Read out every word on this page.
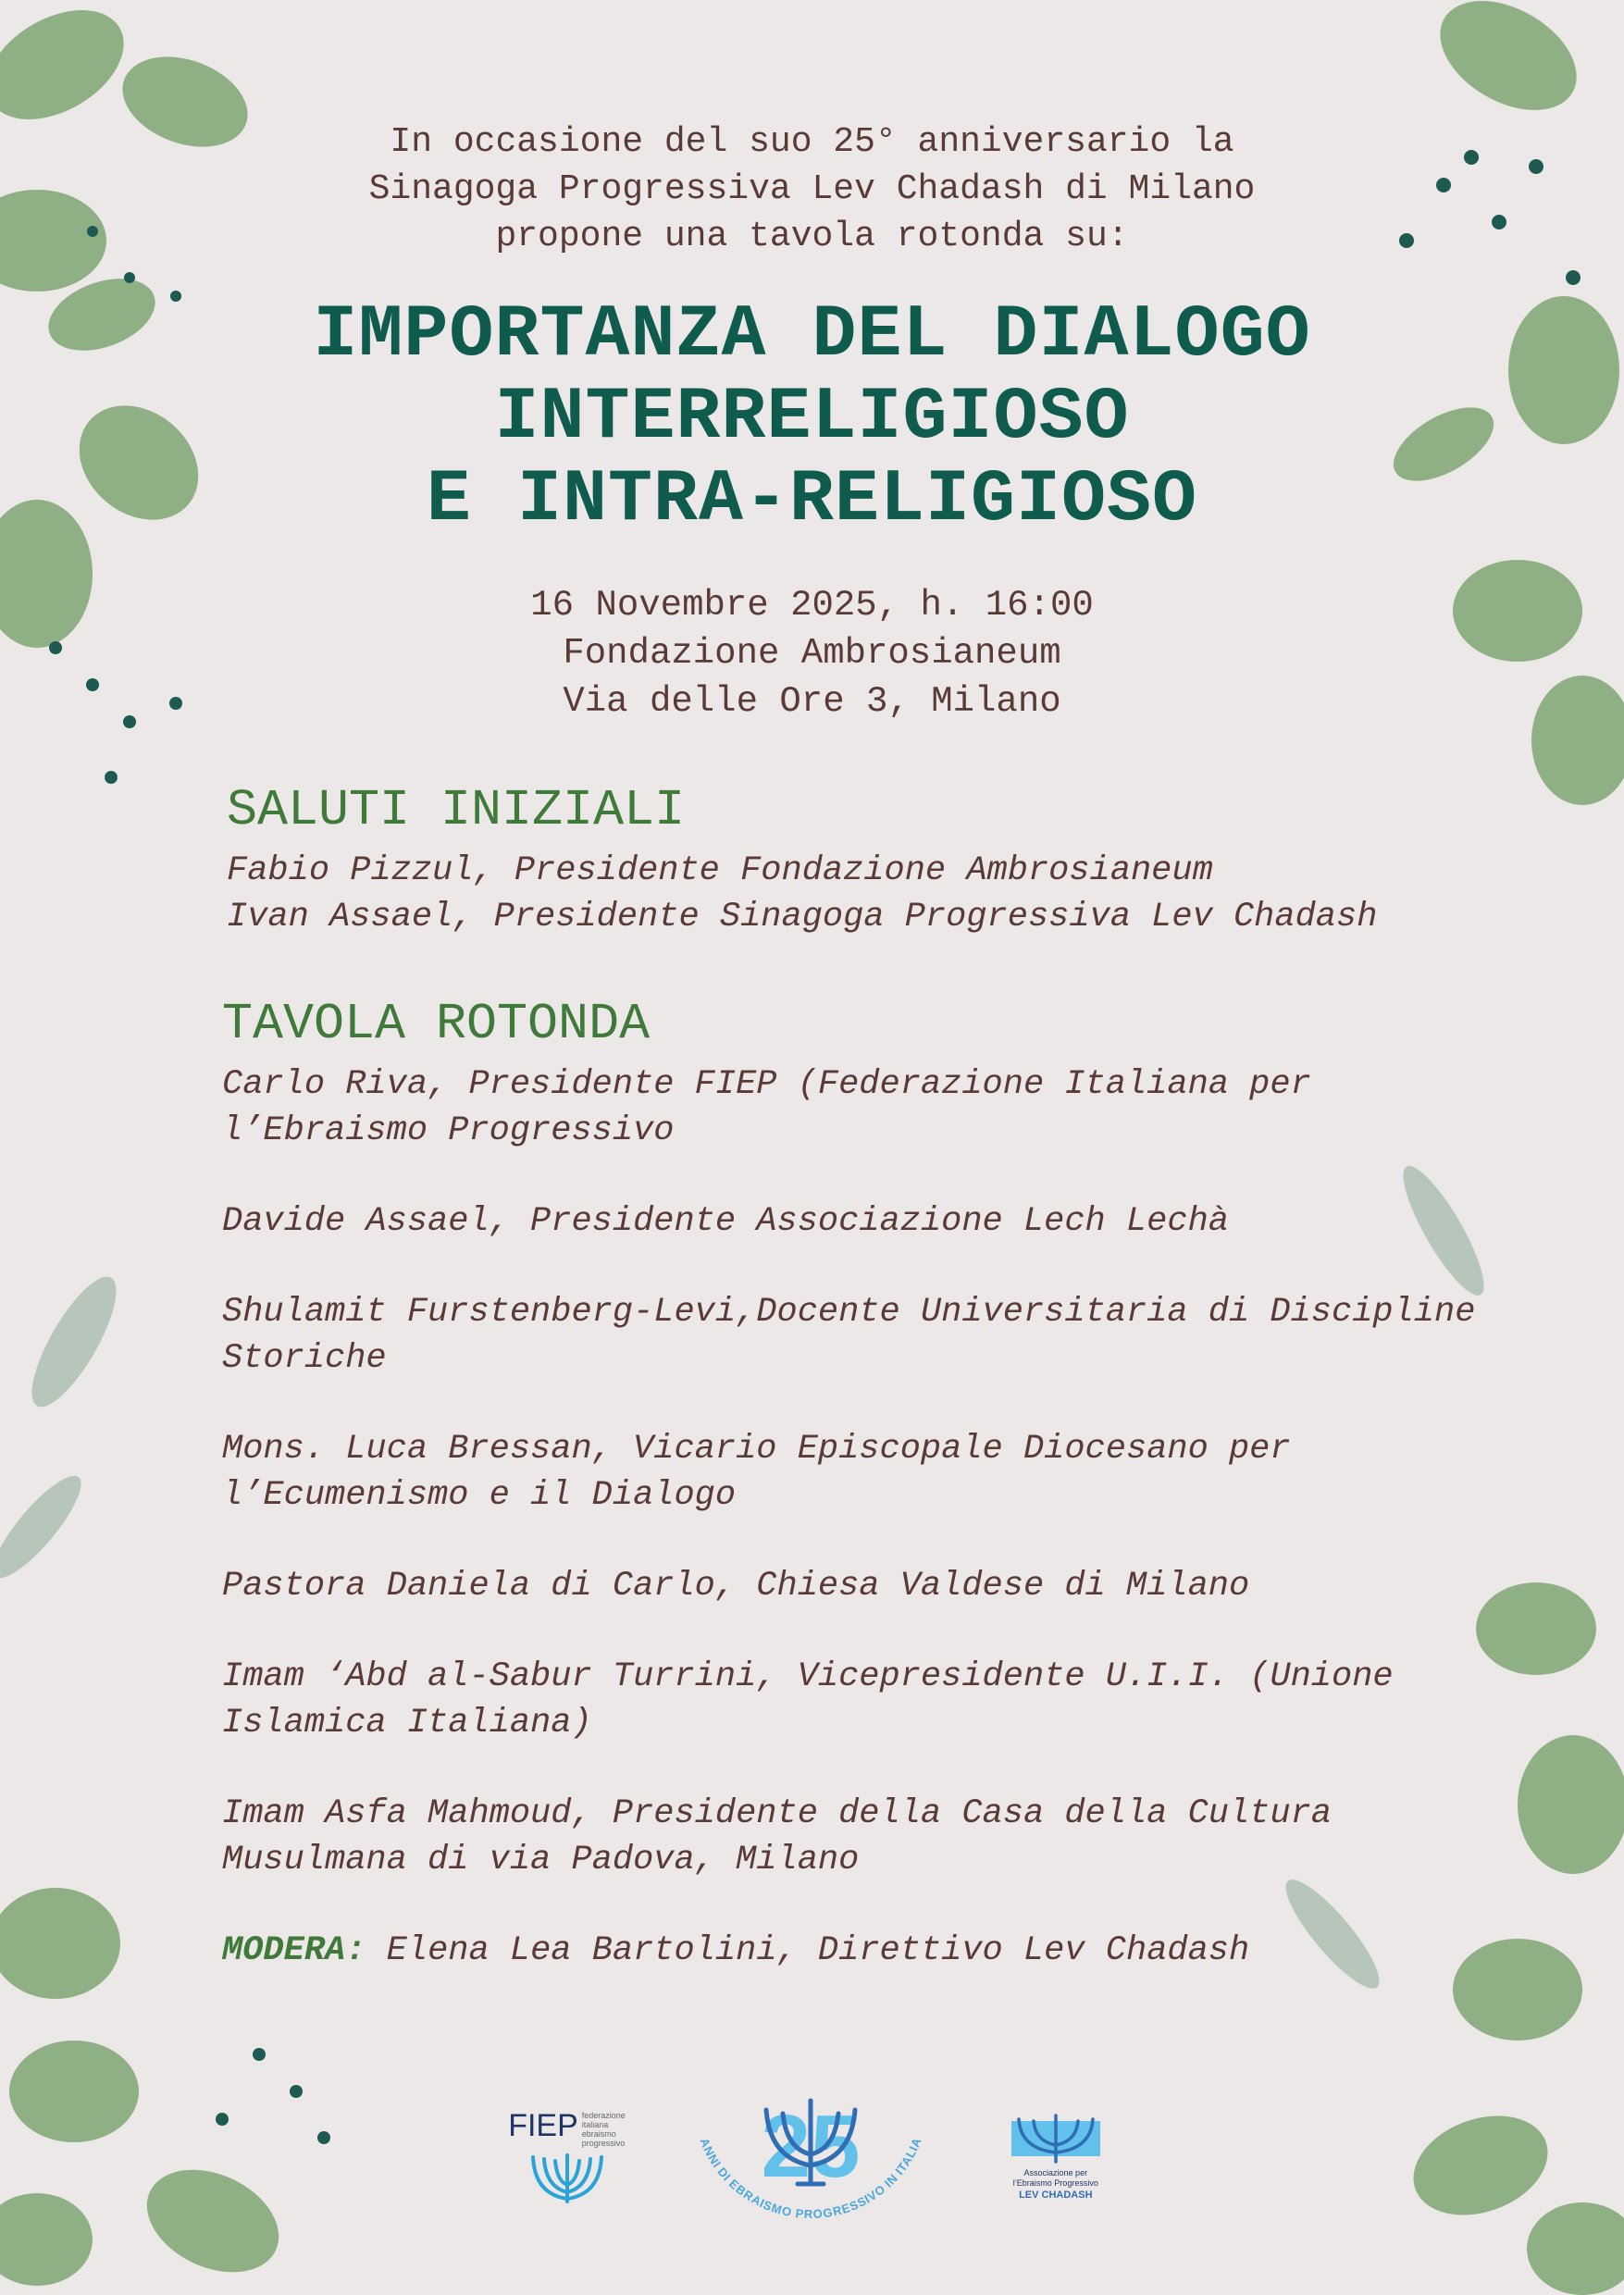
In occasione del suo 25° anniversario la
Sinagoga Progressiva Lev Chadash di Milano
propone una tavola rotonda su:
IMPORTANZA DEL DIALOGO
INTERRELIGIOSO
E INTRA-RELIGIOSO
16 Novembre 2025, h. 16:00
Fondazione Ambrosianeum
Via delle Ore 3, Milano
SALUTI INIZIALI
Fabio Pizzul, Presidente Fondazione Ambrosianeum
Ivan Assael, Presidente Sinagoga Progressiva Lev Chadash
TAVOLA ROTONDA
Carlo Riva, Presidente FIEP (Federazione Italiana per
l’Ebraismo Progressivo
Davide Assael, Presidente Associazione Lech Lechà
Shulamit Furstenberg-Levi,Docente Universitaria di Discipline
Storiche
Mons. Luca Bressan, Vicario Episcopale Diocesano per
l’Ecumenismo e il Dialogo
Pastora Daniela di Carlo, Chiesa Valdese di Milano
Imam ‘Abd al-Sabur Turrini, Vicepresidente U.I.I. (Unione
Islamica Italiana)
Imam Asfa Mahmoud, Presidente della Casa della Cultura
Musulmana di via Padova, Milano
MODERA: Elena Lea Bartolini, Direttivo Lev Chadash
FIEP federazione
italiana
ebraismo
progressivo 25
ANNI DI EBRAISMO PROGRESSIVO IN ITALIA
Associazione per
l’Ebraismo Progressivo
LEV CHADASH
